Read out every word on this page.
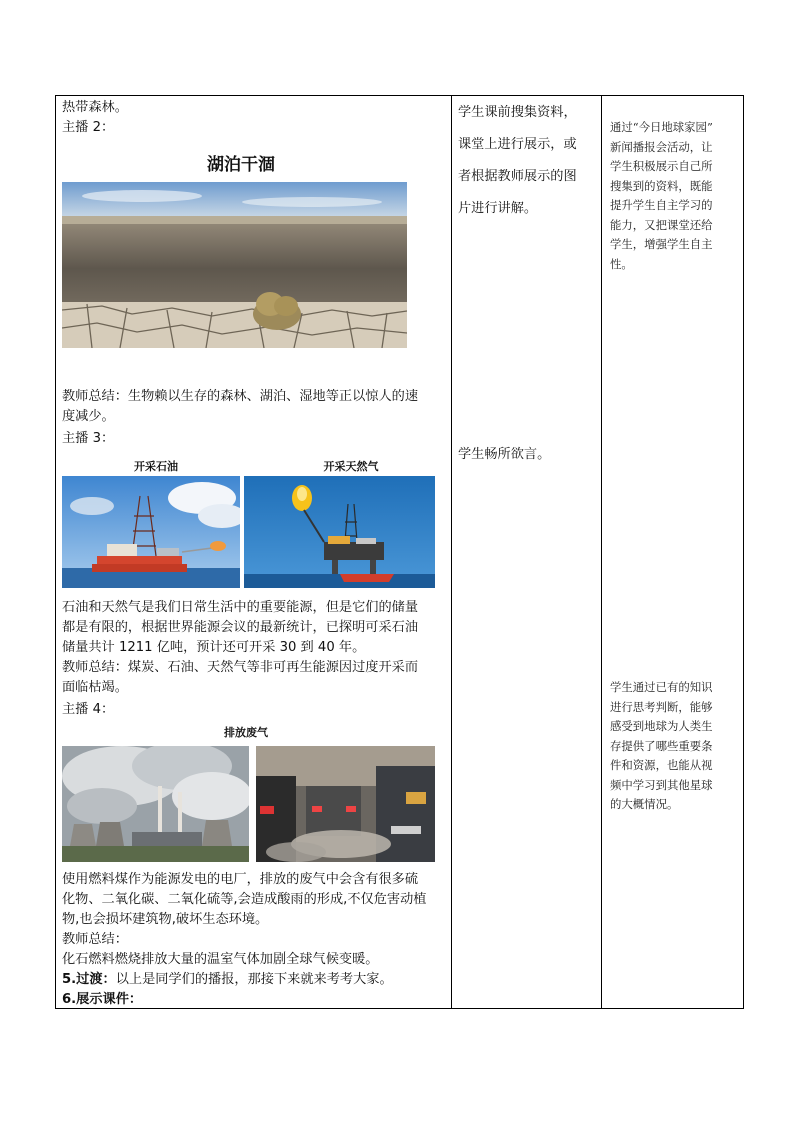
热带森林。
主播 2：
湖泊干涸
教师总结：生物赖以生存的森林、湖泊、湿地等正以惊人的速
度减少。
主播 3：
开采石油	开采天然气
石油和天然气是我们日常生活中的重要能源，但是它们的储量
都是有限的，根据世界能源会议的最新统计，已探明可采石油
储量共计 1211 亿吨，预计还可开采 30 到 40 年。
教师总结：煤炭、石油、天然气等非可再生能源因过度开采而
面临枯竭。
主播 4：
排放废气
使用燃料煤作为能源发电的电厂，排放的废气中会含有很多硫
化物、二氧化碳、二氧化硫等,会造成酸雨的形成,不仅危害动植
物,也会损坏建筑物,破坏生态环境。
教师总结：
化石燃料燃烧排放大量的温室气体加剧全球气候变暖。
5.过渡：以上是同学们的播报，那接下来就来考考大家。
6.展示课件：

学生课前搜集资料，
课堂上进行展示，或
者根据教师展示的图
片进行讲解。
学生畅所欲言。

通过“今日地球家园”
新闻播报会活动，让
学生积极展示自己所
搜集到的资料，既能
提升学生自主学习的
能力，又把课堂还给
学生，增强学生自主
性。
学生通过已有的知识
进行思考判断，能够
感受到地球为人类生
存提供了哪些重要条
件和资源，也能从视
频中学习到其他星球
的大概情况。
